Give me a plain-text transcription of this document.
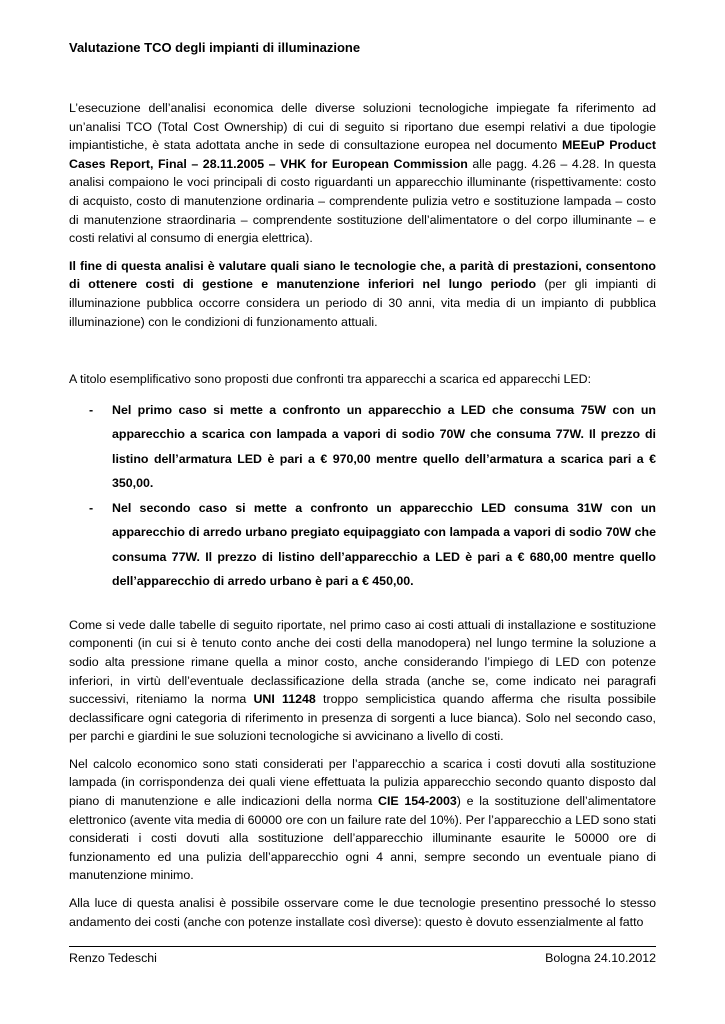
Valutazione TCO degli impianti di illuminazione

L’esecuzione dell’analisi economica delle diverse soluzioni tecnologiche impiegate fa riferimento ad un’analisi TCO (Total Cost Ownership) di cui di seguito si riportano due esempi relativi a due tipologie impiantistiche, è stata adottata anche in sede di consultazione europea nel documento MEEuP Product Cases Report, Final – 28.11.2005 – VHK for European Commission alle pagg. 4.26 – 4.28. In questa analisi compaiono le voci principali di costo riguardanti un apparecchio illuminante (rispettivamente: costo di acquisto, costo di manutenzione ordinaria – comprendente pulizia vetro e sostituzione lampada – costo di manutenzione straordinaria – comprendente sostituzione dell’alimentatore o del corpo illuminante – e costi relativi al consumo di energia elettrica).

Il fine di questa analisi è valutare quali siano le tecnologie che, a parità di prestazioni, consentono di ottenere costi di gestione e manutenzione inferiori nel lungo periodo (per gli impianti di illuminazione pubblica occorre considera un periodo di 30 anni, vita media di un impianto di pubblica illuminazione) con le condizioni di funzionamento attuali.

A titolo esemplificativo sono proposti due confronti tra apparecchi a scarica ed apparecchi LED:

- Nel primo caso si mette a confronto un apparecchio a LED che consuma 75W con un apparecchio a scarica con lampada a vapori di sodio 70W che consuma 77W. Il prezzo di listino dell’armatura LED è pari a € 970,00 mentre quello dell’armatura a scarica pari a € 350,00.
- Nel secondo caso si mette a confronto un apparecchio LED consuma 31W con un apparecchio di arredo urbano pregiato equipaggiato con lampada a vapori di sodio 70W che consuma 77W. Il prezzo di listino dell’apparecchio a LED è pari a € 680,00 mentre quello dell’apparecchio di arredo urbano è pari a € 450,00.

Come si vede dalle tabelle di seguito riportate, nel primo caso ai costi attuali di installazione e sostituzione componenti (in cui si è tenuto conto anche dei costi della manodopera) nel lungo termine la soluzione a sodio alta pressione rimane quella a minor costo, anche considerando l’impiego di LED con potenze inferiori, in virtù dell’eventuale declassificazione della strada (anche se, come indicato nei paragrafi successivi, riteniamo la norma UNI 11248 troppo semplicistica quando afferma che risulta possibile declassificare ogni categoria di riferimento in presenza di sorgenti a luce bianca). Solo nel secondo caso, per parchi e giardini le sue soluzioni tecnologiche si avvicinano a livello di costi.

Nel calcolo economico sono stati considerati per l’apparecchio a scarica i costi dovuti alla sostituzione lampada (in corrispondenza dei quali viene effettuata la pulizia apparecchio secondo quanto disposto dal piano di manutenzione e alle indicazioni della norma CIE 154-2003) e la sostituzione dell’alimentatore elettronico (avente vita media di 60000 ore con un failure rate del 10%). Per l’apparecchio a LED sono stati considerati i costi dovuti alla sostituzione dell’apparecchio illuminante esaurite le 50000 ore di funzionamento ed una pulizia dell’apparecchio ogni 4 anni, sempre secondo un eventuale piano di manutenzione minimo.

Alla luce di questa analisi è possibile osservare come le due tecnologie presentino pressoché lo stesso andamento dei costi (anche con potenze installate così diverse): questo è dovuto essenzialmente al fatto

Renzo Tedeschi	Bologna 24.10.2012
